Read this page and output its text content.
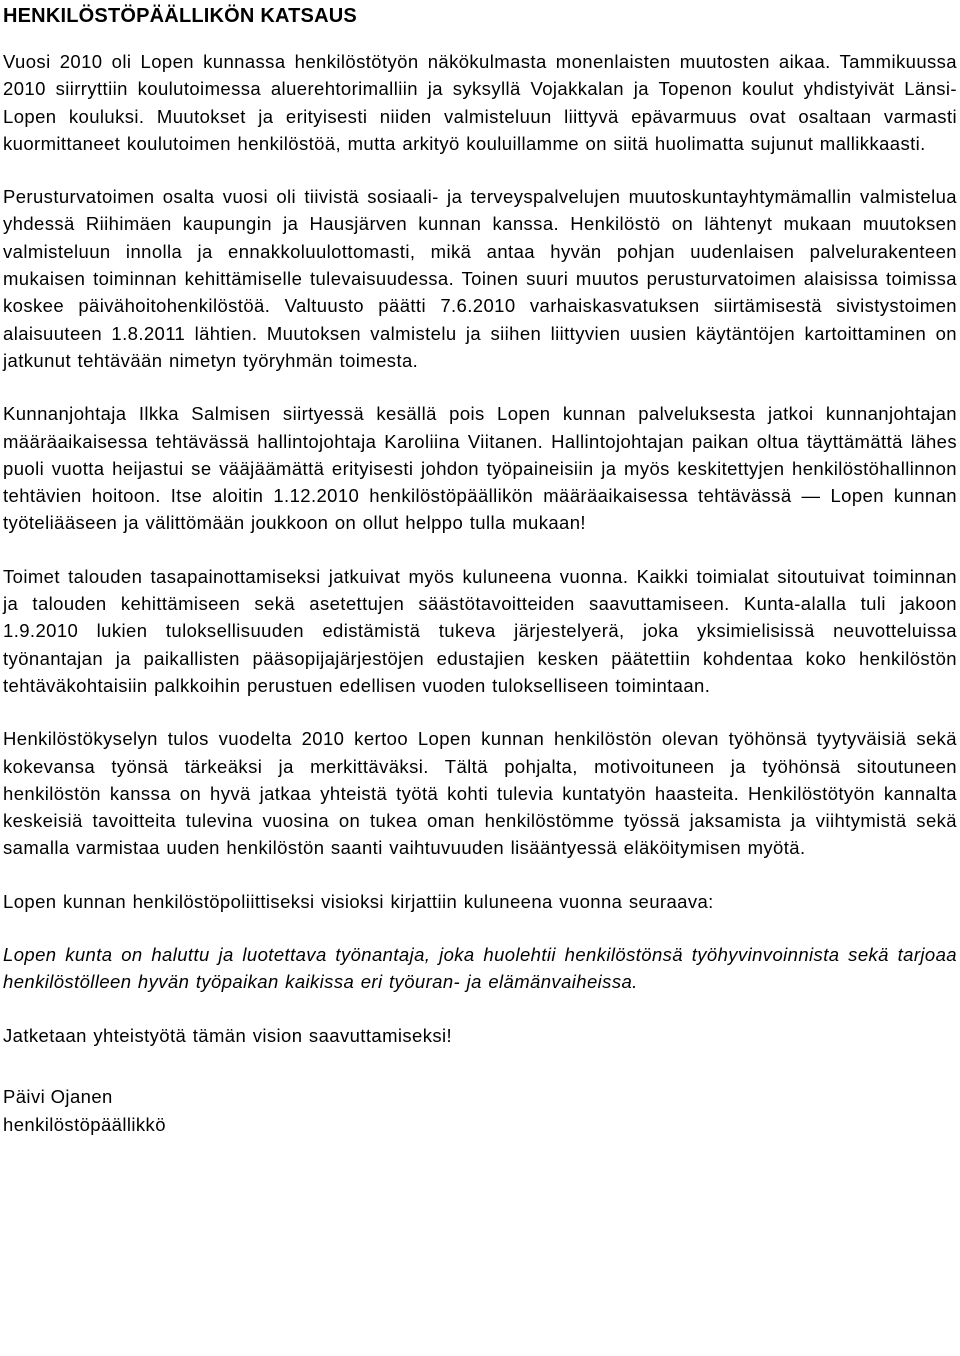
HENKILÖSTÖPÄÄLLIKÖN KATSAUS

Vuosi 2010 oli Lopen kunnassa henkilöstötyön näkökulmasta monenlaisten muutosten aikaa. Tammikuussa 2010 siirryttiin koulutoimessa aluerehtorimalliin ja syksyllä Vojakkalan ja Topenon koulut yhdistyivät Länsi-Lopen kouluksi. Muutokset ja erityisesti niiden valmisteluun liittyvä epävarmuus ovat osaltaan varmasti kuormittaneet koulutoimen henkilöstöä, mutta arkityö kouluillamme on siitä huolimatta sujunut mallikkaasti.

Perusturvatoimen osalta vuosi oli tiivistä sosiaali- ja terveyspalvelujen muutoskuntayhtymämallin valmistelua yhdessä Riihimäen kaupungin ja Hausjärven kunnan kanssa. Henkilöstö on lähtenyt mukaan muutoksen valmisteluun innolla ja ennakkoluulottomasti, mikä antaa hyvän pohjan uudenlaisen palvelurakenteen mukaisen toiminnan kehittämiselle tulevaisuudessa. Toinen suuri muutos perusturvatoimen alaisissa toimissa koskee päivähoitohenkilöstöä. Valtuusto päätti 7.6.2010 varhaiskasvatuksen siirtämisestä sivistystoimen alaisuuteen 1.8.2011 lähtien. Muutoksen valmistelu ja siihen liittyvien uusien käytäntöjen kartoittaminen on jatkunut tehtävään nimetyn työryhmän toimesta.

Kunnanjohtaja Ilkka Salmisen siirtyessä kesällä pois Lopen kunnan palveluksesta jatkoi kunnanjohtajan määräaikaisessa tehtävässä hallintojohtaja Karoliina Viitanen. Hallintojohtajan paikan oltua täyttämättä lähes puoli vuotta heijastui se vääjäämättä erityisesti johdon työpaineisiin ja myös keskitettyjen henkilöstöhallinnon tehtävien hoitoon. Itse aloitin 1.12.2010 henkilöstöpäällikön määräaikaisessa tehtävässä — Lopen kunnan työteliääseen ja välittömään joukkoon on ollut helppo tulla mukaan!

Toimet talouden tasapainottamiseksi jatkuivat myös kuluneena vuonna. Kaikki toimialat sitoutuivat toiminnan ja talouden kehittämiseen sekä asetettujen säästötavoitteiden saavuttamiseen. Kunta-alalla tuli jakoon 1.9.2010 lukien tuloksellisuuden edistämistä tukeva järjestelyerä, joka yksimielisissä neuvotteluissa työnantajan ja paikallisten pääsopijajärjestöjen edustajien kesken päätettiin kohdentaa koko henkilöstön tehtäväkohtaisiin palkkoihin perustuen edellisen vuoden tulokselliseen toimintaan.

Henkilöstökyselyn tulos vuodelta 2010 kertoo Lopen kunnan henkilöstön olevan työhönsä tyytyväisiä sekä kokevansa työnsä tärkeäksi ja merkittäväksi. Tältä pohjalta, motivoituneen ja työhönsä sitoutuneen henkilöstön kanssa on hyvä jatkaa yhteistä työtä kohti tulevia kuntatyön haasteita. Henkilöstötyön kannalta keskeisiä tavoitteita tulevina vuosina on tukea oman henkilöstömme työssä jaksamista ja viihtymistä sekä samalla varmistaa uuden henkilöstön saanti vaihtuvuuden lisääntyessä eläköitymisen myötä.

Lopen kunnan henkilöstöpoliittiseksi visioksi kirjattiin kuluneena vuonna seuraava:

Lopen kunta on haluttu ja luotettava työnantaja, joka huolehtii henkilöstönsä työhyvinvoinnista sekä tarjoaa henkilöstölleen hyvän työpaikan kaikissa eri työuran- ja elämänvaiheissa.

Jatketaan yhteistyötä tämän vision saavuttamiseksi!

Päivi Ojanen
henkilöstöpäällikkö
